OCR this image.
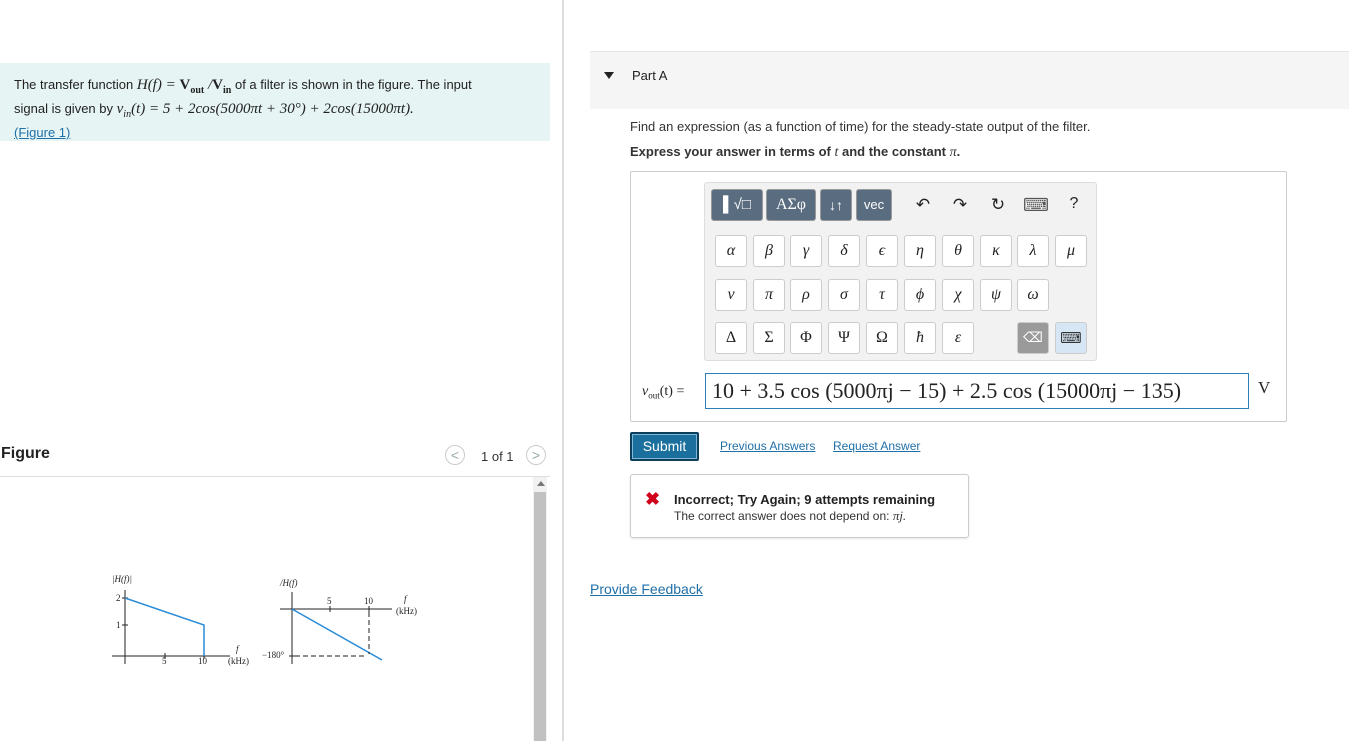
The transfer function $H(f) = V_{out}$ $/V_{in}$ of a filter is shown in the figure. The input
signal is given by $v_{in}(t) = 5 + 2\cos(5000\pi t + 30^\circ) + 2\cos(15000\pi t)$.
(Figure 1)
Figure	<	1 of 1	>
|H(f)|
2
1
5	10
f
(kHz)
/H(f)
5	10	f
(kHz)
−180°
Part A
Find an expression (as a function of time) for the steady-state output of the filter.
Express your answer in terms of t and the constant π.
▌√□	ΑΣφ	↓↑	vec	↶ ↷ ↻ ⌨	?
α	β	γ	δ	ϵ	η	θ	κ	λ	μ
ν	π	ρ	σ	τ	ϕ	χ	ψ	ω
Δ	Σ	Φ	Ψ	Ω	ħ	ε	⌫	⌨
$v_{out}(t)$ =	10 + 3.5 cos (5000πj − 15) + 2.5 cos (15000πj − 135)	V
Submit	Previous Answers Request Answer
✖ Incorrect; Try Again; 9 attempts remaining
The correct answer does not depend on: πj.
Provide Feedback
